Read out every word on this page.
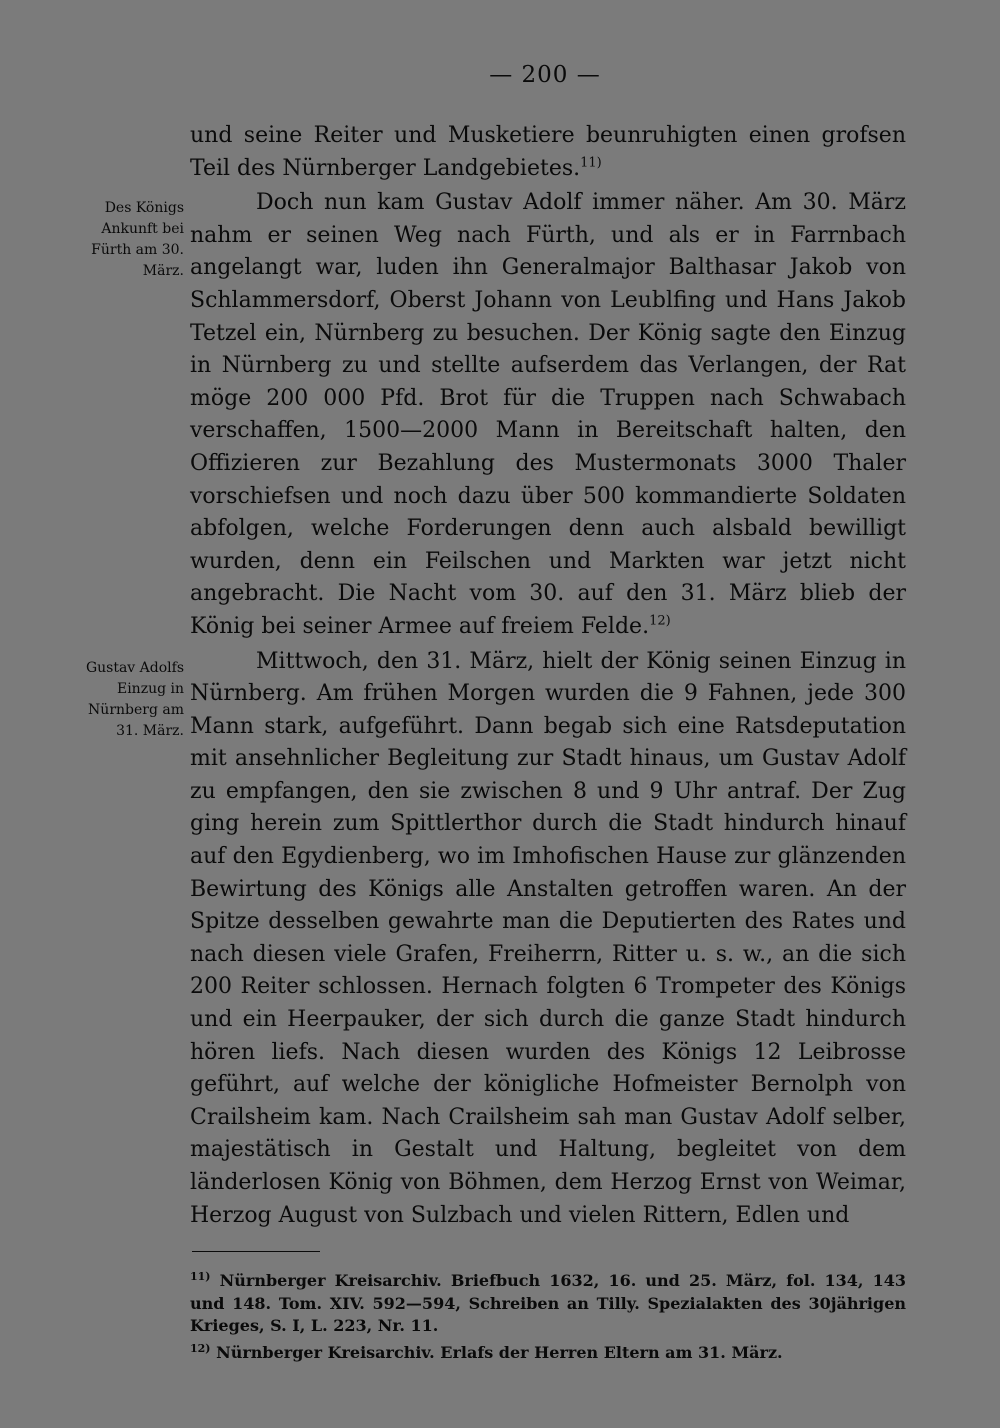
— 200 —
Des Königs Ankunft bei Fürth am 30. März.
Gustav Adolfs Einzug in Nürnberg am 31. März.

und seine Reiter und Musketiere beunruhigten einen grofsen Teil des Nürnberger Landgebietes.$^{11)}$

Doch nun kam Gustav Adolf immer näher. Am 30. März nahm er seinen Weg nach Fürth, und als er in Farrnbach angelangt war, luden ihn Generalmajor Balthasar Jakob von Schlammersdorf, Oberst Johann von Leublfing und Hans Jakob Tetzel ein, Nürnberg zu besuchen. Der König sagte den Einzug in Nürnberg zu und stellte aufserdem das Verlangen, der Rat möge 200 000 Pfd. Brot für die Truppen nach Schwabach verschaffen, 1500—2000 Mann in Bereitschaft halten, den Offizieren zur Bezahlung des Mustermonats 3000 Thaler vorschiefsen und noch dazu über 500 kommandierte Soldaten abfolgen, welche Forderungen denn auch alsbald bewilligt wurden, denn ein Feilschen und Markten war jetzt nicht angebracht. Die Nacht vom 30. auf den 31. März blieb der König bei seiner Armee auf freiem Felde.$^{12)}$

Mittwoch, den 31. März, hielt der König seinen Einzug in Nürnberg. Am frühen Morgen wurden die 9 Fahnen, jede 300 Mann stark, aufgeführt. Dann begab sich eine Ratsdeputation mit ansehnlicher Begleitung zur Stadt hinaus, um Gustav Adolf zu empfangen, den sie zwischen 8 und 9 Uhr antraf. Der Zug ging herein zum Spittlerthor durch die Stadt hindurch hinauf auf den Egydienberg, wo im Imhofischen Hause zur glänzenden Bewirtung des Königs alle Anstalten getroffen waren. An der Spitze desselben gewahrte man die Deputierten des Rates und nach diesen viele Grafen, Freiherrn, Ritter u. s. w., an die sich 200 Reiter schlossen. Hernach folgten 6 Trompeter des Königs und ein Heerpauker, der sich durch die ganze Stadt hindurch hören liefs. Nach diesen wurden des Königs 12 Leibrosse geführt, auf welche der königliche Hofmeister Bernolph von Crailsheim kam. Nach Crailsheim sah man Gustav Adolf selber, majestätisch in Gestalt und Haltung, begleitet von dem länderlosen König von Böhmen, dem Herzog Ernst von Weimar, Herzog August von Sulzbach und vielen Rittern, Edlen und

$^{11)}$ Nürnberger Kreisarchiv. Briefbuch 1632, 16. und 25. März, fol. 134, 143 und 148. Tom. XIV. 592—594, Schreiben an Tilly. Spezialakten des 30jährigen Krieges, S. I, L. 223, Nr. 11.

$^{12)}$ Nürnberger Kreisarchiv. Erlafs der Herren Eltern am 31. März.
